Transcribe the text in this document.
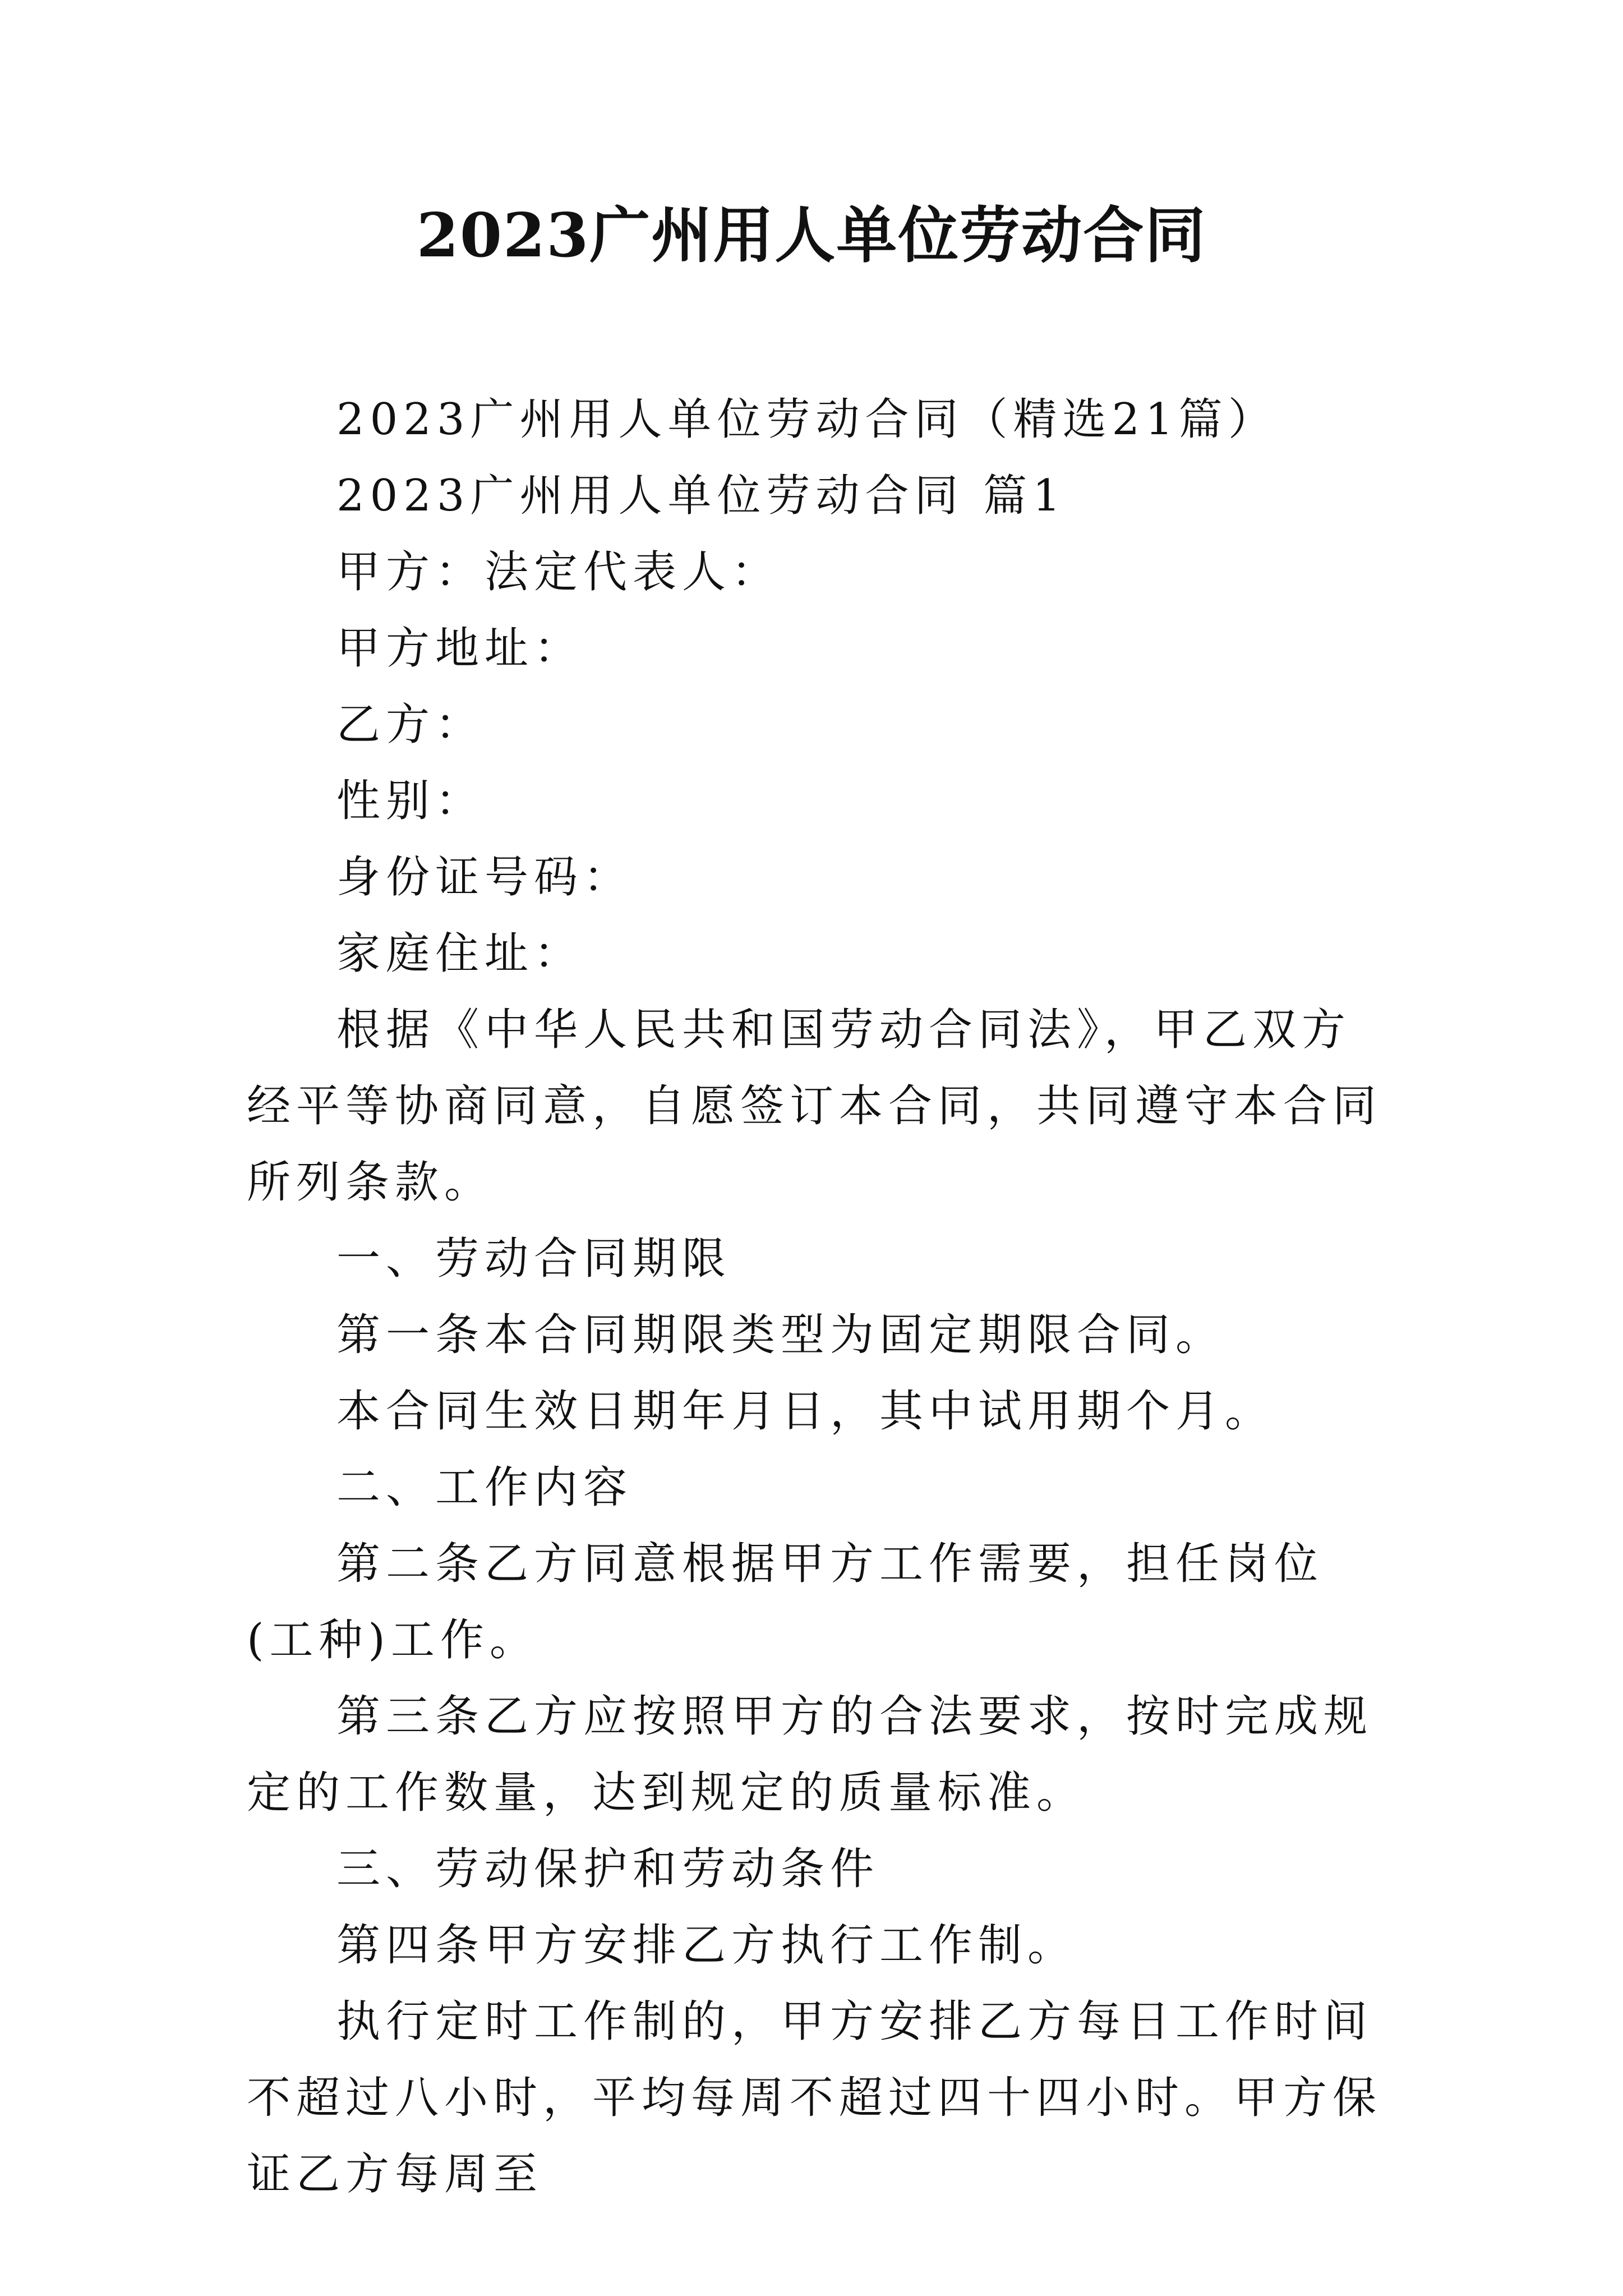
2023广州用人单位劳动合同

2023广州用人单位劳动合同（精选21篇）

2023广州用人单位劳动合同 篇1

甲方：法定代表人：

甲方地址：

乙方：

性别：

身份证号码：

家庭住址：

根据《中华人民共和国劳动合同法》，甲乙双方经平等协商同意，自愿签订本合同，共同遵守本合同所列条款。

一、劳动合同期限

第一条本合同期限类型为固定期限合同。

本合同生效日期年月日，其中试用期个月。

二、工作内容

第二条乙方同意根据甲方工作需要，担任岗位(工种)工作。

第三条乙方应按照甲方的合法要求，按时完成规定的工作数量，达到规定的质量标准。

三、劳动保护和劳动条件

第四条甲方安排乙方执行工作制。

执行定时工作制的，甲方安排乙方每日工作时间不超过八小时，平均每周不超过四十四小时。甲方保证乙方每周至
